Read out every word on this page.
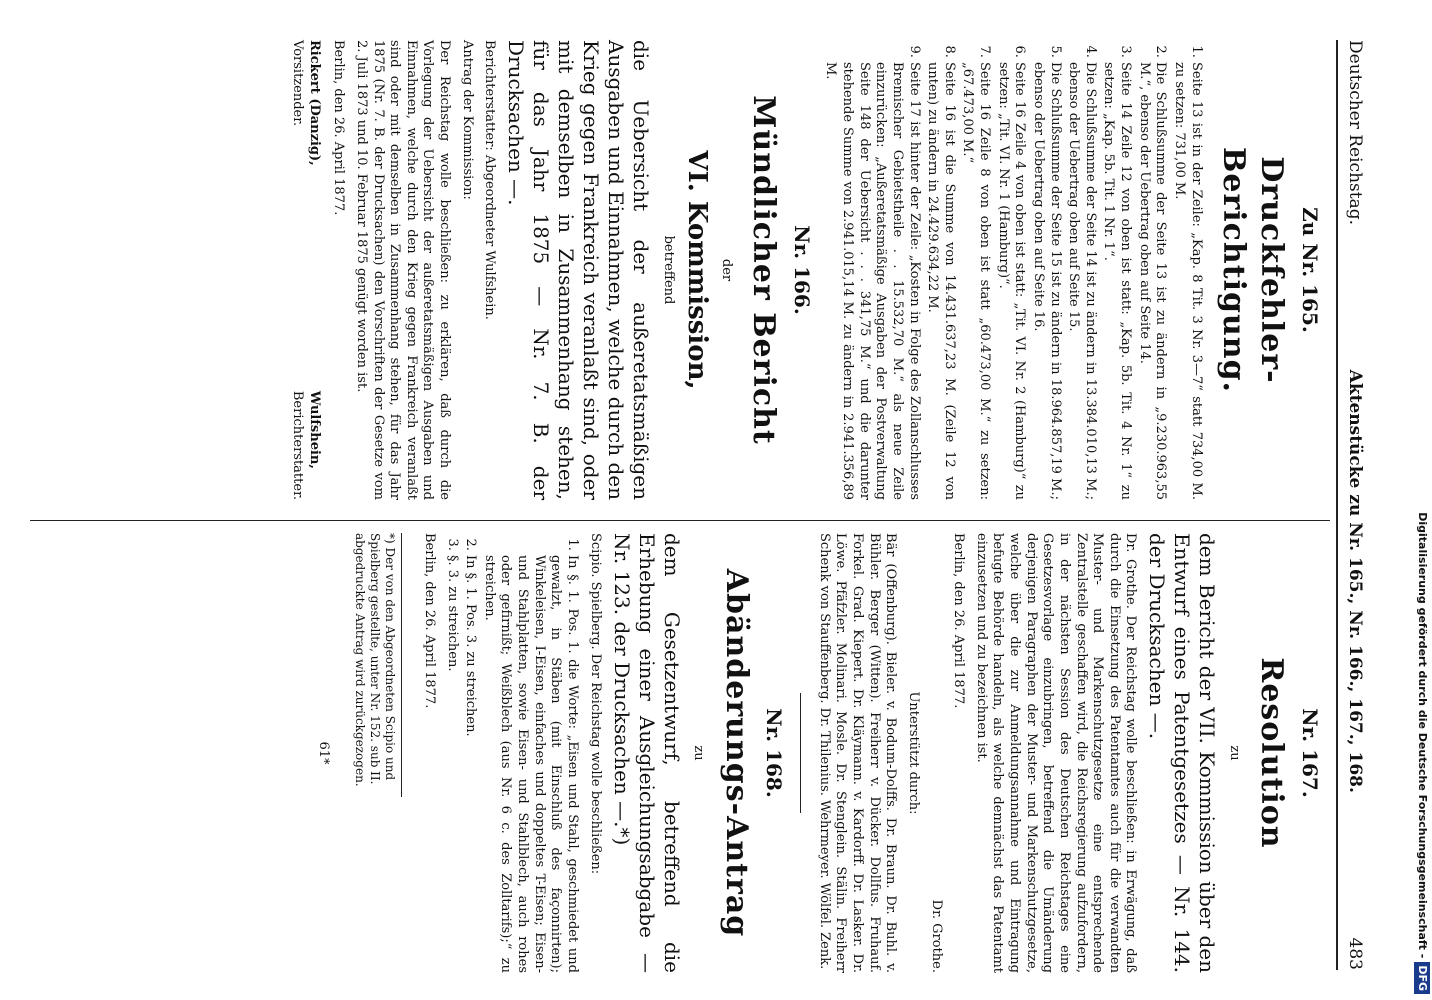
Deutscher Reichstag.
Aktenstücke zu Nr. 165., Nr. 166., 167., 168.
483
Zu Nr. 165.
Druckfehler-Berichtigung.
1. Seite 13 ist in der Zeile: „Kap. 8 Tit. 3 Nr. 3—7“ statt 734,00 M. zu setzen: 731,00 M.
2. Die Schlußsumme der Seite 13 ist zu ändern in „9.230.963,55 M.“, ebenso der Uebertrag oben auf Seite 14.
3. Seite 14 Zeile 12 von oben ist statt: „Kap. 5b. Tit. 4 Nr. 1“ zu setzen: „Kap. 5b. Tit. 1 Nr. 1“.
4. Die Schlußsumme der Seite 14 ist zu ändern in 13.384.010,13 M.; ebenso der Uebertrag oben auf Seite 15.
5. Die Schlußsumme der Seite 15 ist zu ändern in 18.964.857,19 M.; ebenso der Uebertrag oben auf Seite 16.
6. Seite 16 Zeile 4 von oben ist statt: „Tit. VI. Nr. 2 (Hamburg)“ zu setzen: „Tit. VI. Nr. 1 (Hamburg)“.
7. Seite 16 Zeile 8 von oben ist statt „60.473,00 M.“ zu setzen: „67.473,00 M.“
8. Seite 16 ist die Summe von 14.431.637,23 M. (Zeile 12 von unten) zu ändern in 24.429.634,22 M.
9. Seite 17 ist hinter der Zeile: „Kosten in Folge des Zollanschlusses Bremischer Gebietstheile . . 15.532,70 M.“ als neue Zeile einzurücken: „Außeretatsmäßige Ausgaben der Postverwaltung Seite 148 der Uebersicht . . . 341,75 M.“ und die darunter stehende Summe von 2.941.015,14 M. zu ändern in 2.941.356,89 M.
Nr. 166.
Mündlicher Bericht
der
VI. Kommission,
betreffend
die Uebersicht der außeretatsmäßigen Ausgaben und Einnahmen, welche durch den Krieg gegen Frankreich veranlaßt sind, oder mit demselben in Zusammenhang stehen, für das Jahr 1875 — Nr. 7. B. der Drucksachen —.
Berichterstatter: Abgeordneter Wulfshein.
Antrag der Kommission:
Der Reichstag wolle beschließen: zu erklären, daß durch die Vorlegung der Uebersicht der außeretatsmäßigen Ausgaben und Einnahmen, welche durch den Krieg gegen Frankreich veranlaßt sind oder mit demselben in Zusammenhang stehen, für das Jahr 1875 (Nr. 7. B. der Drucksachen) den Vorschriften der Gesetze vom 2. Juli 1873 und 10. Februar 1875 genügt worden ist.
Berlin, den 26. April 1877.
Rickert (Danzig),
Vorsitzender.
Wulfshein,
Berichterstatter.
Nr. 167.
Resolution
zu
dem Bericht der VII. Kommission über den Entwurf eines Patentgesetzes — Nr. 144. der Drucksachen —.
Dr. Grothe. Der Reichstag wolle beschließen: in Erwägung, daß durch die Einsetzung des Patentamtes auch für die verwandten Muster- und Markenschutzgesetze eine entsprechende Zentralstelle geschaffen wird, die Reichsregierung aufzufordern, in der nächsten Session des Deutschen Reichstages eine Gesetzesvorlage einzubringen, betreffend die Umänderung derjenigen Paragraphen der Muster- und Markenschutzgesetze, welche über die zur Anmeldungsannahme und Eintragung befugte Behörde handeln, als welche demnächst das Patentamt einzusetzen und zu bezeichnen ist.
Berlin, den 26. April 1877.
Dr. Grothe.
Unterstützt durch:
Bär (Offenburg). Bieler. v. Bodum-Dolffs. Dr. Braun. Dr. Buhl. v. Bühler. Berger (Witten). Freiherr v. Dücker. Dollfus. Fruhauf. Forkel. Grad. Kiepert. Dr. Kläymann. v. Kardorff. Dr. Lasker. Dr. Löwe. Pfäfzler. Molinari. Mosle. Dr. Stenglein. Stälin. Freiherr Schenk von Stauffenberg. Dr. Thilenius. Wehrmeyer. Wölfel. Zenk.
Nr. 168.
Abänderungs-Antrag
zu
dem Gesetzentwurf, betreffend die Erhebung einer Ausgleichungsabgabe — Nr. 123. der Drucksachen —.*)
Scipio. Spielberg. Der Reichstag wolle beschließen:
1. In §. 1. Pos. 1. die Worte: „Eisen und Stahl, geschmiedet und gewalzt, in Stäben (mit Einschluß des façonnirten); Winkeleisen, I-Eisen, einfaches und doppeltes T-Eisen; Eisen- und Stahlplatten, sowie Eisen- und Stahlblech, auch rohes oder gefirnißt; Weißblech (aus Nr. 6 c. des Zolltarifs);“ zu streichen.
2. In §. 1. Pos. 3. zu streichen.
3. §. 3. zu streichen.
Berlin, den 26. April 1877.
*) Der von den Abgeordneten Scipio und Spielberg gestellte, unter Nr. 152. sub II. abgedruckte Antrag wird zurückgezogen.
61*	Digitalisierung gefördert durch die Deutsche Forschungsgemeinschaft -DFG
